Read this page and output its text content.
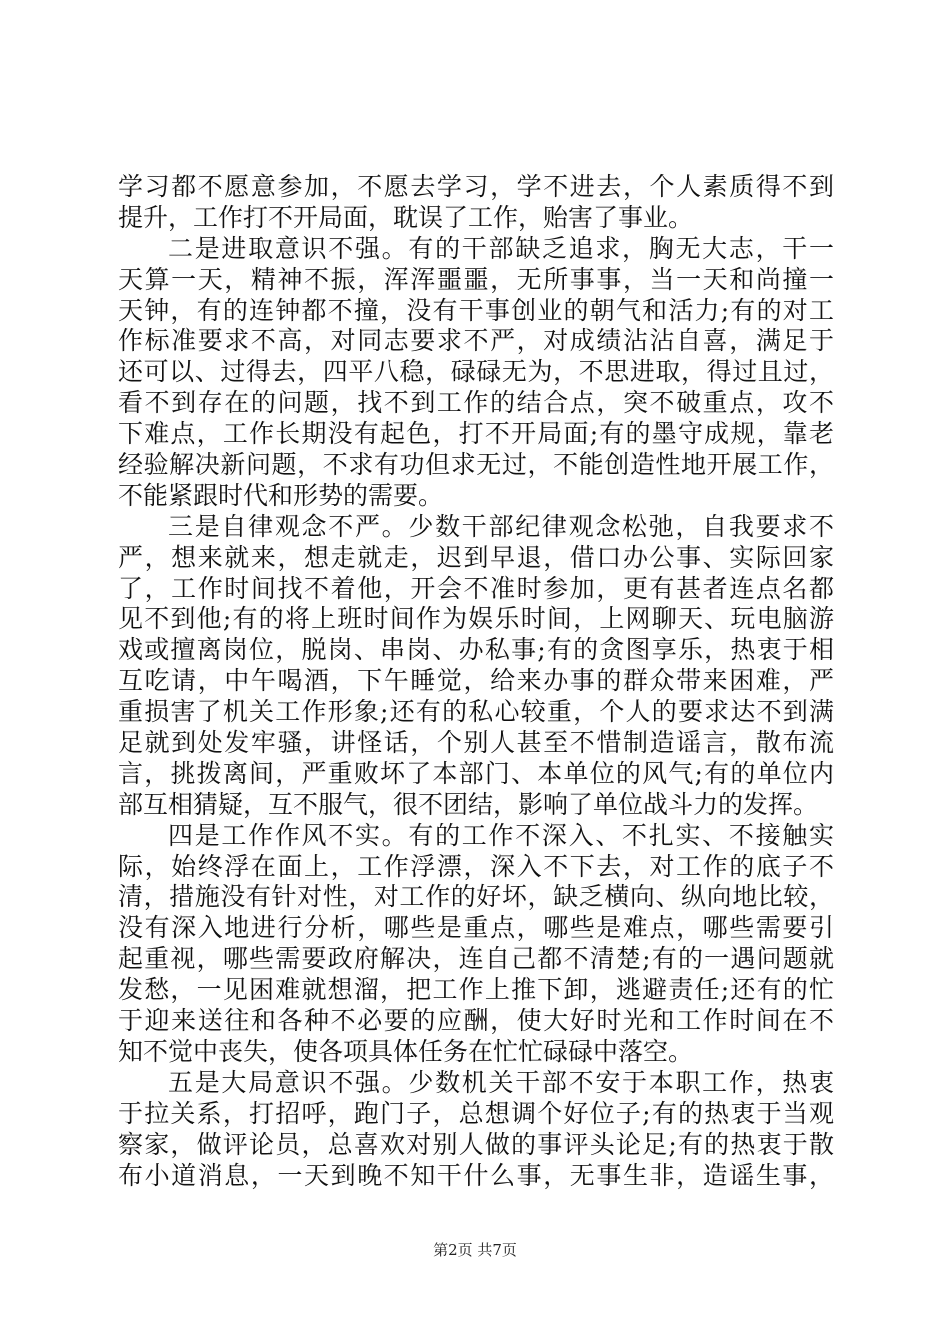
学习都不愿意参加，不愿去学习，学不进去，个人素质得不到
提升，工作打不开局面，耽误了工作，贻害了事业。
二是进取意识不强。有的干部缺乏追求，胸无大志，干一
天算一天，精神不振，浑浑噩噩，无所事事，当一天和尚撞一
天钟，有的连钟都不撞，没有干事创业的朝气和活力;有的对工
作标准要求不高，对同志要求不严，对成绩沾沾自喜，满足于
还可以、过得去，四平八稳，碌碌无为，不思进取，得过且过，
看不到存在的问题，找不到工作的结合点，突不破重点，攻不
下难点，工作长期没有起色，打不开局面;有的墨守成规，靠老
经验解决新问题，不求有功但求无过，不能创造性地开展工作，
不能紧跟时代和形势的需要。
三是自律观念不严。少数干部纪律观念松弛，自我要求不
严，想来就来，想走就走，迟到早退，借口办公事、实际回家
了，工作时间找不着他，开会不准时参加，更有甚者连点名都
见不到他;有的将上班时间作为娱乐时间，上网聊天、玩电脑游
戏或擅离岗位，脱岗、串岗、办私事;有的贪图享乐，热衷于相
互吃请，中午喝酒，下午睡觉，给来办事的群众带来困难，严
重损害了机关工作形象;还有的私心较重，个人的要求达不到满
足就到处发牢骚，讲怪话，个别人甚至不惜制造谣言，散布流
言，挑拨离间，严重败坏了本部门、本单位的风气;有的单位内
部互相猜疑，互不服气，很不团结，影响了单位战斗力的发挥。
四是工作作风不实。有的工作不深入、不扎实、不接触实
际，始终浮在面上，工作浮漂，深入不下去，对工作的底子不
清，措施没有针对性，对工作的好坏，缺乏横向、纵向地比较，
没有深入地进行分析，哪些是重点，哪些是难点，哪些需要引
起重视，哪些需要政府解决，连自己都不清楚;有的一遇问题就
发愁，一见困难就想溜，把工作上推下卸，逃避责任;还有的忙
于迎来送往和各种不必要的应酬，使大好时光和工作时间在不
知不觉中丧失，使各项具体任务在忙忙碌碌中落空。
五是大局意识不强。少数机关干部不安于本职工作，热衷
于拉关系，打招呼，跑门子，总想调个好位子;有的热衷于当观
察家，做评论员，总喜欢对别人做的事评头论足;有的热衷于散
布小道消息，一天到晚不知干什么事，无事生非，造谣生事，
第2页 共7页
